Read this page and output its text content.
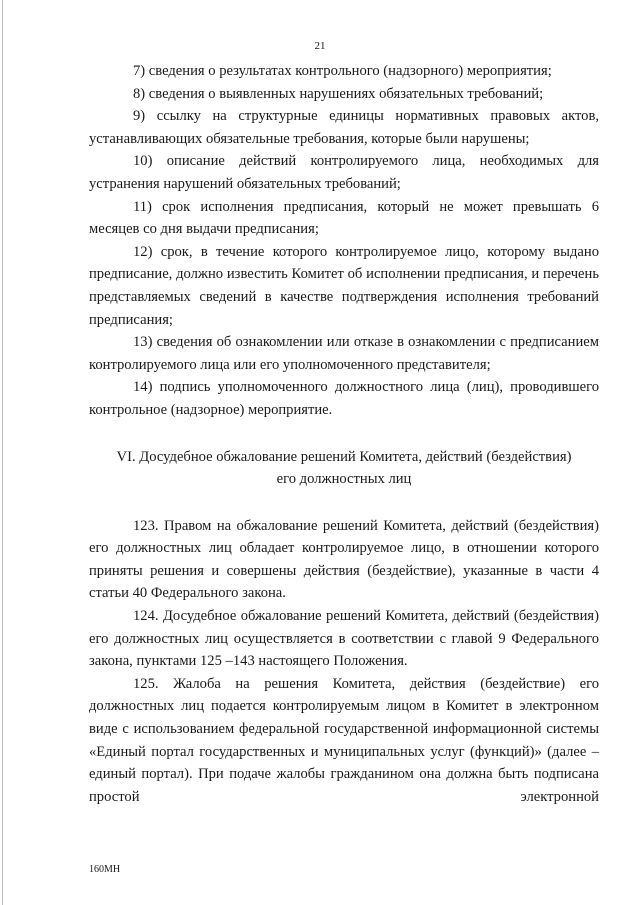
21

7) сведения о результатах контрольного (надзорного) мероприятия;

8) сведения о выявленных нарушениях обязательных требований;

9) ссылку на структурные единицы нормативных правовых актов, устанавливающих обязательные требования, которые были нарушены;

10) описание действий контролируемого лица, необходимых для устранения нарушений обязательных требований;

11) срок исполнения предписания, который не может превышать 6 месяцев со дня выдачи предписания;

12) срок, в течение которого контролируемое лицо, которому выдано предписание, должно известить Комитет об исполнении предписания, и перечень представляемых сведений в качестве подтверждения исполнения требований предписания;

13) сведения об ознакомлении или отказе в ознакомлении с предписанием контролируемого лица или его уполномоченного представителя;

14) подпись уполномоченного должностного лица (лиц), проводившего контрольное (надзорное) мероприятие.

VI. Досудебное обжалование решений Комитета, действий (бездействия)
его должностных лиц

123. Правом на обжалование решений Комитета, действий (бездействия) его должностных лиц обладает контролируемое лицо, в отношении которого приняты решения и совершены действия (бездействие), указанные в части 4 статьи 40 Федерального закона.

124. Досудебное обжалование решений Комитета, действий (бездействия) его должностных лиц осуществляется в соответствии с главой 9 Федерального закона, пунктами 125 –143 настоящего Положения.

125. Жалоба на решения Комитета, действия (бездействие) его должностных лиц подается контролируемым лицом в Комитет в электронном виде с использованием федеральной государственной информационной системы «Единый портал государственных и муниципальных услуг (функций)» (далее – единый портал). При подаче жалобы гражданином она должна быть подписана простой электронной

160МН
